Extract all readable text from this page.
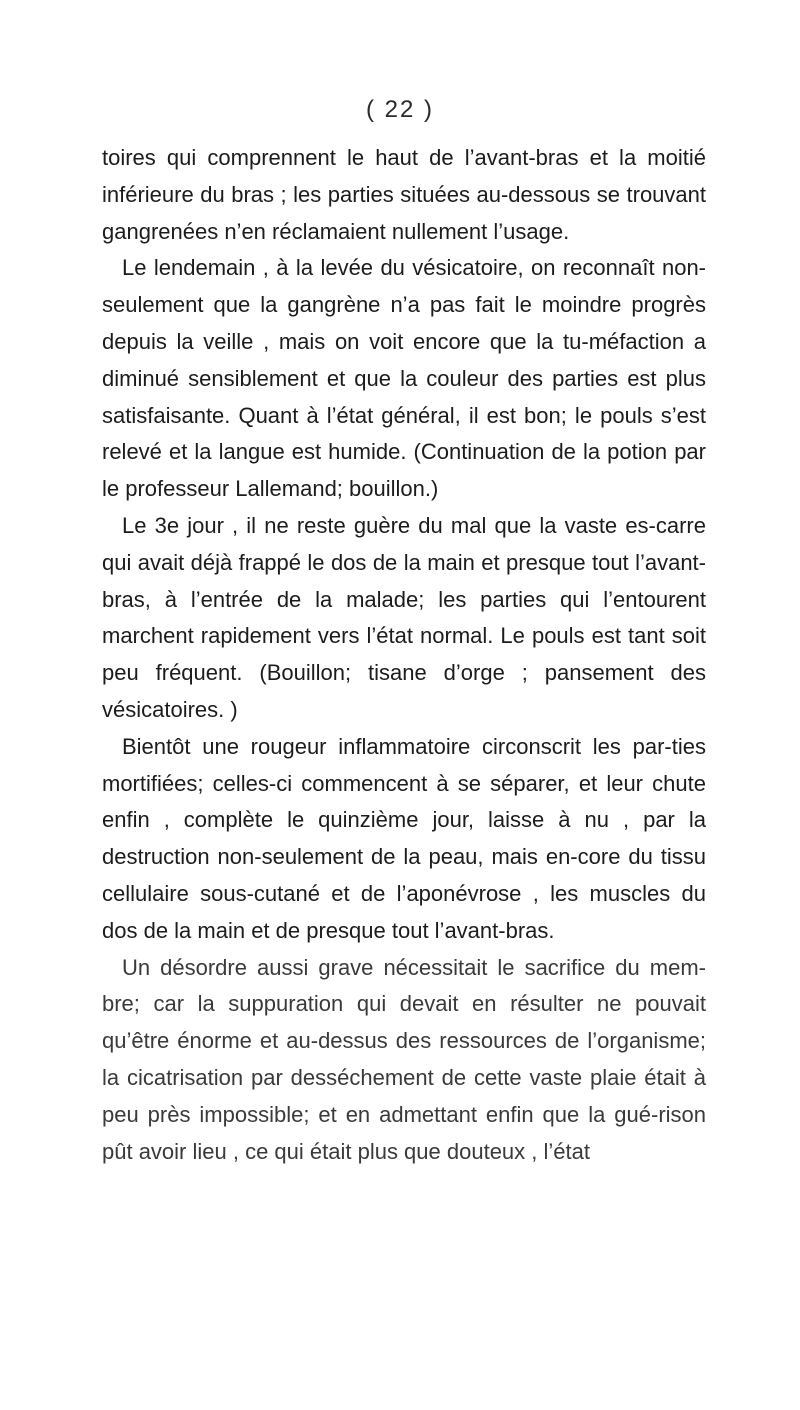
( 22 )

toires qui comprennent le haut de l’avant-bras et la moitié inférieure du bras ; les parties situées au-dessous se trouvant gangrenées n’en réclamaient nullement l’usage.

Le lendemain , à la levée du vésicatoire, on reconnaît non-seulement que la gangrène n’a pas fait le moindre progrès depuis la veille , mais on voit encore que la tu-méfaction a diminué sensiblement et que la couleur des parties est plus satisfaisante. Quant à l’état général, il est bon; le pouls s’est relevé et la langue est humide. (Continuation de la potion par le professeur Lallemand; bouillon.)

Le 3e jour , il ne reste guère du mal que la vaste es-carre qui avait déjà frappé le dos de la main et presque tout l’avant-bras, à l’entrée de la malade; les parties qui l’entourent marchent rapidement vers l’état normal. Le pouls est tant soit peu fréquent. (Bouillon; tisane d’orge ; pansement des vésicatoires. )

Bientôt une rougeur inflammatoire circonscrit les par-ties mortifiées; celles-ci commencent à se séparer, et leur chute enfin , complète le quinzième jour, laisse à nu , par la destruction non-seulement de la peau, mais en-core du tissu cellulaire sous-cutané et de l’aponévrose , les muscles du dos de la main et de presque tout l’avant-bras.

Un désordre aussi grave nécessitait le sacrifice du mem-bre; car la suppuration qui devait en résulter ne pouvait qu’être énorme et au-dessus des ressources de l’organisme; la cicatrisation par desséchement de cette vaste plaie était à peu près impossible; et en admettant enfin que la gué-rison pût avoir lieu , ce qui était plus que douteux , l’état
